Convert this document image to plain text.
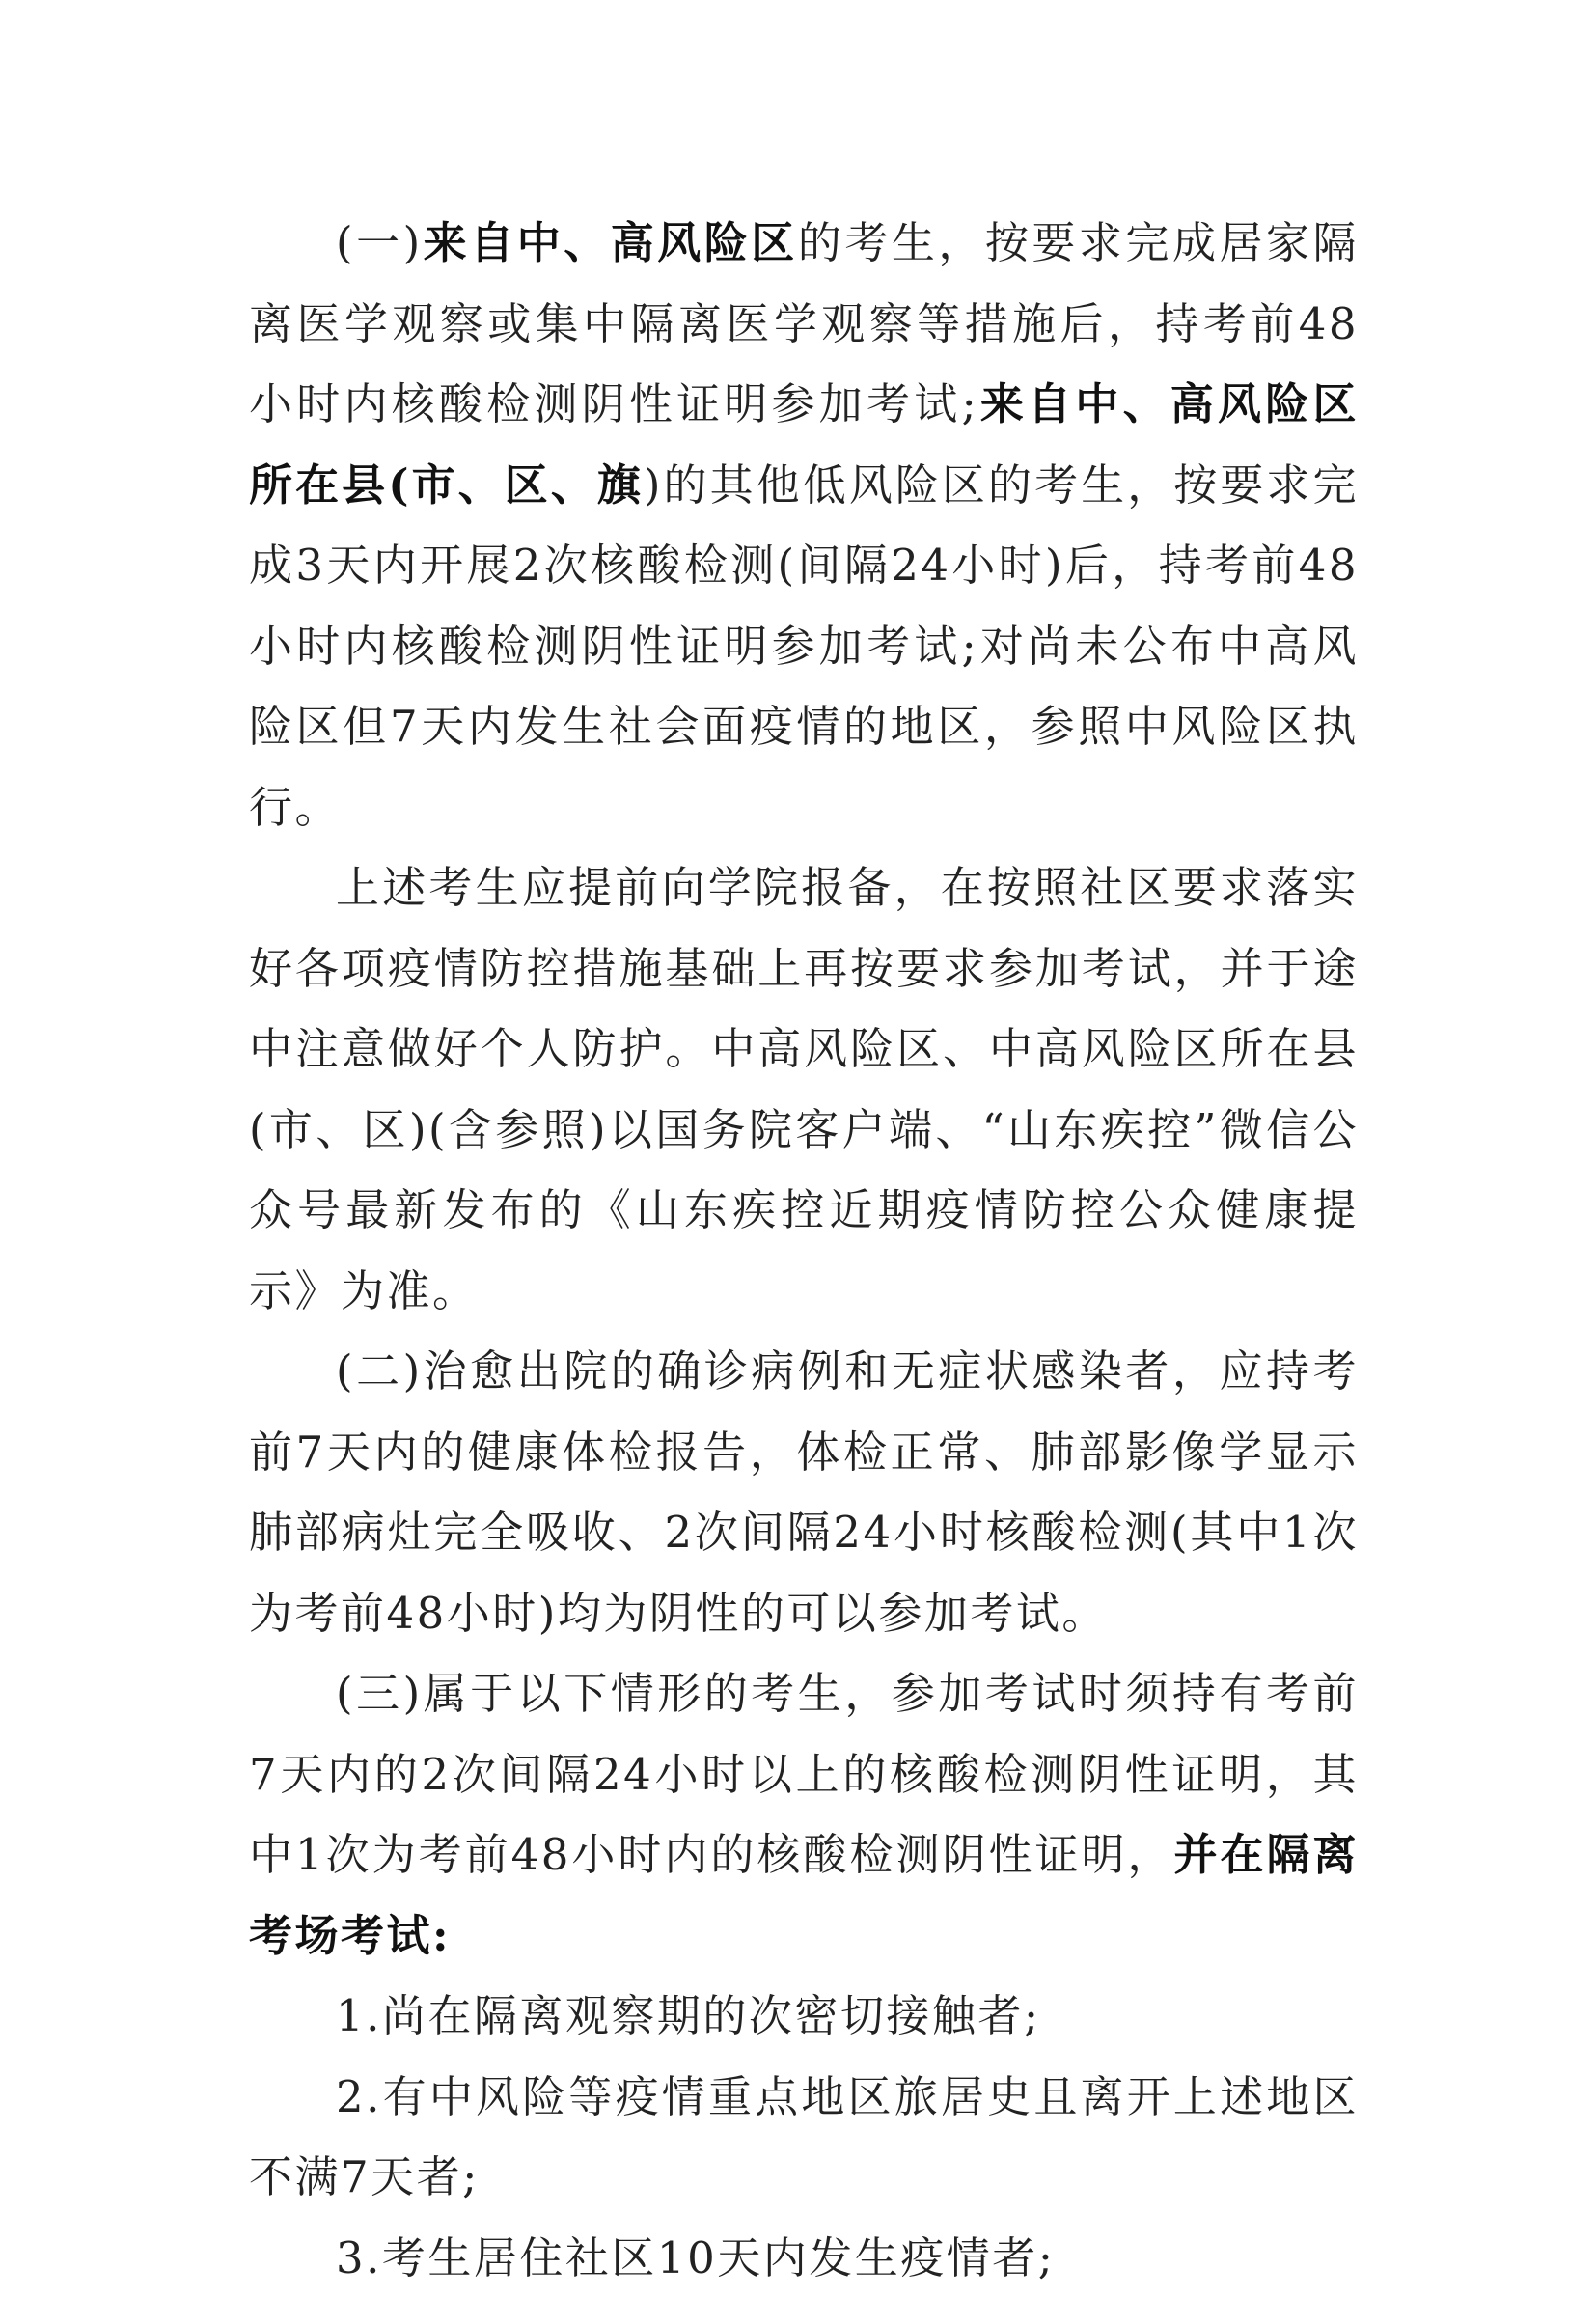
(一)来自中、高风险区的考生，按要求完成居家隔离医学观察或集中隔离医学观察等措施后，持考前48小时内核酸检测阴性证明参加考试;来自中、高风险区所在县(市、区、旗)的其他低风险区的考生，按要求完成3天内开展2次核酸检测(间隔24小时)后，持考前48小时内核酸检测阴性证明参加考试;对尚未公布中高风险区但7天内发生社会面疫情的地区，参照中风险区执行。

上述考生应提前向学院报备，在按照社区要求落实好各项疫情防控措施基础上再按要求参加考试，并于途中注意做好个人防护。中高风险区、中高风险区所在县(市、区)(含参照)以国务院客户端、“山东疾控”微信公众号最新发布的《山东疾控近期疫情防控公众健康提示》为准。

(二)治愈出院的确诊病例和无症状感染者，应持考前7天内的健康体检报告，体检正常、肺部影像学显示肺部病灶完全吸收、2次间隔24小时核酸检测(其中1次为考前48小时)均为阴性的可以参加考试。

(三)属于以下情形的考生，参加考试时须持有考前7天内的2次间隔24小时以上的核酸检测阴性证明，其中1次为考前48小时内的核酸检测阴性证明，并在隔离考场考试:

1.尚在隔离观察期的次密切接触者;

2.有中风险等疫情重点地区旅居史且离开上述地区不满7天者;

3.考生居住社区10天内发生疫情者;
